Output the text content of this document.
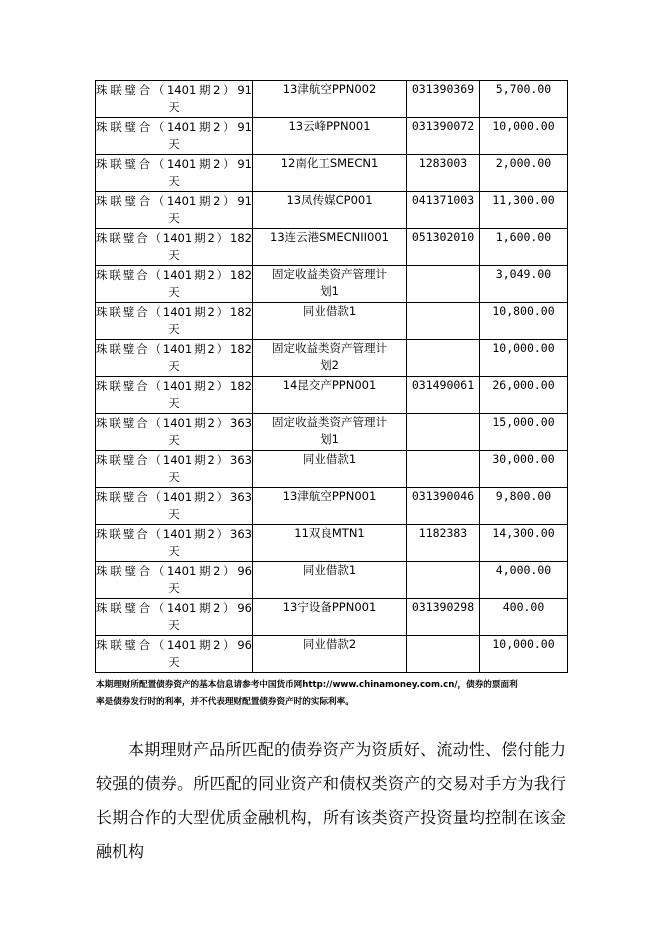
珠联璧合（1401期2）91
天	13津航空PPN002	031390369	5,700.00

珠联璧合（1401期2）91
天	13云峰PPN001	031390072	10,000.00

珠联璧合（1401期2）91
天	12南化工SMECN1	1283003	2,000.00

珠联璧合（1401期2）91
天	13凤传媒CP001	041371003	11,300.00

珠联璧合（1401期2）182
天	13连云港SMECNII001	051302010	1,600.00

珠联璧合（1401期2）182
天	固定收益类资产管理计
划1		3,049.00

珠联璧合（1401期2）182
天	同业借款1		10,800.00

珠联璧合（1401期2）182
天	固定收益类资产管理计
划2		10,000.00

珠联璧合（1401期2）182
天	14昆交产PPN001	031490061	26,000.00

珠联璧合（1401期2）363
天	固定收益类资产管理计
划1		15,000.00

珠联璧合（1401期2）363
天	同业借款1		30,000.00

珠联璧合（1401期2）363
天	13津航空PPN001	031390046	9,800.00

珠联璧合（1401期2）363
天	11双良MTN1	1182383	14,300.00

珠联璧合（1401期2）96
天	同业借款1		4,000.00

珠联璧合（1401期2）96
天	13宁设备PPN001	031390298	400.00

珠联璧合（1401期2）96
天	同业借款2		10,000.00
本期理财所配置债券资产的基本信息请参考中国货币网http://www.chinamoney.com.cn/，债券的票面利
率是债券发行时的利率，并不代表理财配置债券资产时的实际利率。

本期理财产品所匹配的债券资产为资质好、流动性、偿付能力较强的债券。所匹配的同业资产和债权类资产的交易对手方为我行长期合作的大型优质金融机构，所有该类资产投资量均控制在该金融机构
